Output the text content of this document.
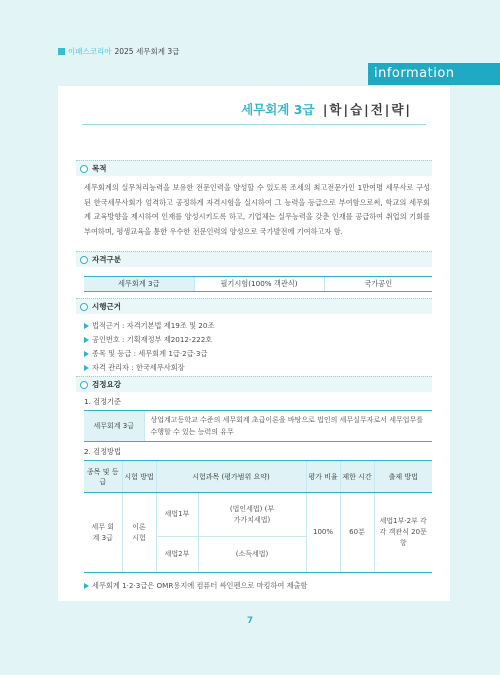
이패스코리아 2025 세무회계 3급
information
세무회계 3급 |학|습|전|략|
목적

세무회계의 실무처리능력을 보유한 전문인력을 양성할 수 있도록 조세의 최고전문가인 1만여명 세무사로 구성된 한국세무사회가 엄격하고 공정하게 자격시험을 실시하여 그 능력을 등급으로 부여함으로써, 학교의 세무회계 교육방향을 제시하여 인재를 양성시키도록 하고, 기업체는 실무능력을 갖춘 인재를 공급하여 취업의 기회를 부여하며, 평생교육을 통한 우수한 전문인력의 양성으로 국가발전에 기여하고자 함.

자격구분
세무회계 3급	필기시험(100% 객관식)	국가공인
시행근거
법적근거 : 자격기본법 제19조 및 20조
공인번호 : 기획재정부 제2012-222호
종목 및 등급 : 세무회계 1급·2급·3급
자격 관리자 : 한국세무사회장
검정요강
1. 검정기준
세무회계 3급	상업계고등학교 수준의 세무회계 초급이론을 바탕으로 법인의 세무실무자로서 세무업무를 수행할 수 있는 능력의 유무
2. 검정방법
종목 및 등급	시험 방법	시험과목 (평가범위 요약)		평가 비율	제한 시간	출제 방법
세무 회계 3급	이론 시험	세법1부	(법인세법) (부가가치세법)	100%	60분	세법1부·2부 각각 객관식 20문항
		세법2부	(소득세법)			
세무회계 1·2·3급은 OMR용지에 컴퓨터 싸인펜으로 마킹하여 제출함
7
